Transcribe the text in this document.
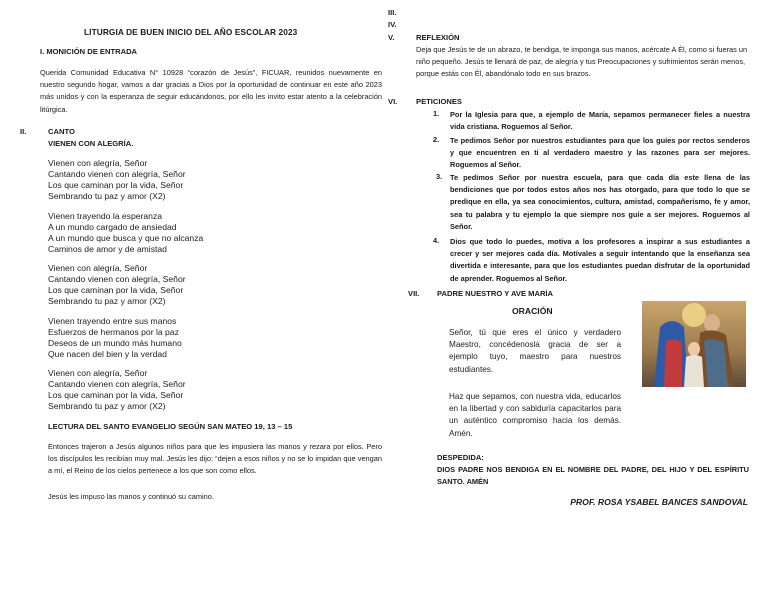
LITURGIA DE BUEN INICIO DEL AÑO ESCOLAR 2023
I. MONICIÓN DE ENTRADA
Querida Comunidad Educativa N° 10928 “corazón de Jesús”, FICUAR, reunidos nuevamente en nuestro segundo hogar, vamos a dar gracias a Dios por la oportunidad de continuar en este año 2023 más unidos y con la esperanza de seguir educándonos, por ello les invito estar atento a la celebración litúrgica.
II.	CANTO
VIENEN CON ALEGRÍA.
Vienen con alegría, Señor
Cantando vienen con alegría, Señor
Los que caminan por la vida, Señor
Sembrando tu paz y amor (X2)
Vienen trayendo la esperanza
A un mundo cargado de ansiedad
A un mundo que busca y que no alcanza
Caminos de amor y de amistad
Vienen con alegría, Señor
Cantando vienen con alegría, Señor
Los que caminan por la vida, Señor
Sembrando tu paz y amor (X2)
Vienen trayendo entre sus manos
Esfuerzos de hermanos por la paz
Deseos de un mundo más humano
Que nacen del bien y la verdad
Vienen con alegría, Señor
Cantando vienen con alegría, Señor
Los que caminan por la vida, Señor
Sembrando tu paz y amor (X2)
LECTURA DEL SANTO EVANGELIO SEGÚN SAN MATEO 19, 13 – 15
Entonces trajeron a Jesús algunos niños para que les impusiera las manos y rezara por ellos. Pero los discípulos les recibían muy mal. Jesús les dijo: “dejen a esos niños y no se lo impidan que vengan a mí, el Reino de los cielos pertenece a los que son como ellos.
Jesús les impuso las manos y continuó su camino.
III.
IV.
V.	REFLEXIÓN
Deja que Jesús te de un abrazo, te bendiga, te imponga sus manos, acércate A Él, como si fueras un niño pequeño. Jesús te llenará de paz, de alegría y tus Preocupaciones y sufrimientos serán menos, porque estás con Él, abandónalo todo en sus brazos.
VI. PETICIONES
1. Por la Iglesia para que, a ejemplo de María, sepamos permanecer fieles a nuestra vida cristiana. Roguemos al Señor.
2. Te pedimos Señor por nuestros estudiantes para que los guíes por rectos senderos y que encuentren en ti al verdadero maestro y las razones para ser mejores. Roguemos al Señor.
3. Te pedimos Señor por nuestra escuela, para que cada día este llena de las bendiciones que por todos estos años nos has otorgado, para que todo lo que se predique en ella, ya sea conocimientos, cultura, amistad, compañerismo, fe y amor, sea tu palabra y tu ejemplo la que siempre nos guíe a ser mejores. Roguemos al Señor.
4. Dios que todo lo puedes, motiva a los profesores a inspirar a sus estudiantes a crecer y ser mejores cada día. Motívales a seguir intentando que la enseñanza sea divertida e interesante, para que los estudiantes puedan disfrutar de la oportunidad de aprender. Roguemos al Señor.
VII. PADRE NUESTRO Y AVE MARÍA
ORACIÓN
Señor, tú que eres el único y verdadero Maestro, concédenosla gracia de ser a ejemplo tuyo, maestro para nuestros estudiantes.
Haz que sepamos, con nuestra vida, educarlos en la libertad y con sabiduría capacitarlos para un auténtico compromiso hacia los demás. Amén.
DESPEDIDA:
DIOS PADRE NOS BENDIGA EN EL NOMBRE DEL PADRE, DEL HIJO Y DEL ESPÍRITU SANTO. AMÉN
PROF. ROSA YSABEL BANCES SANDOVAL
